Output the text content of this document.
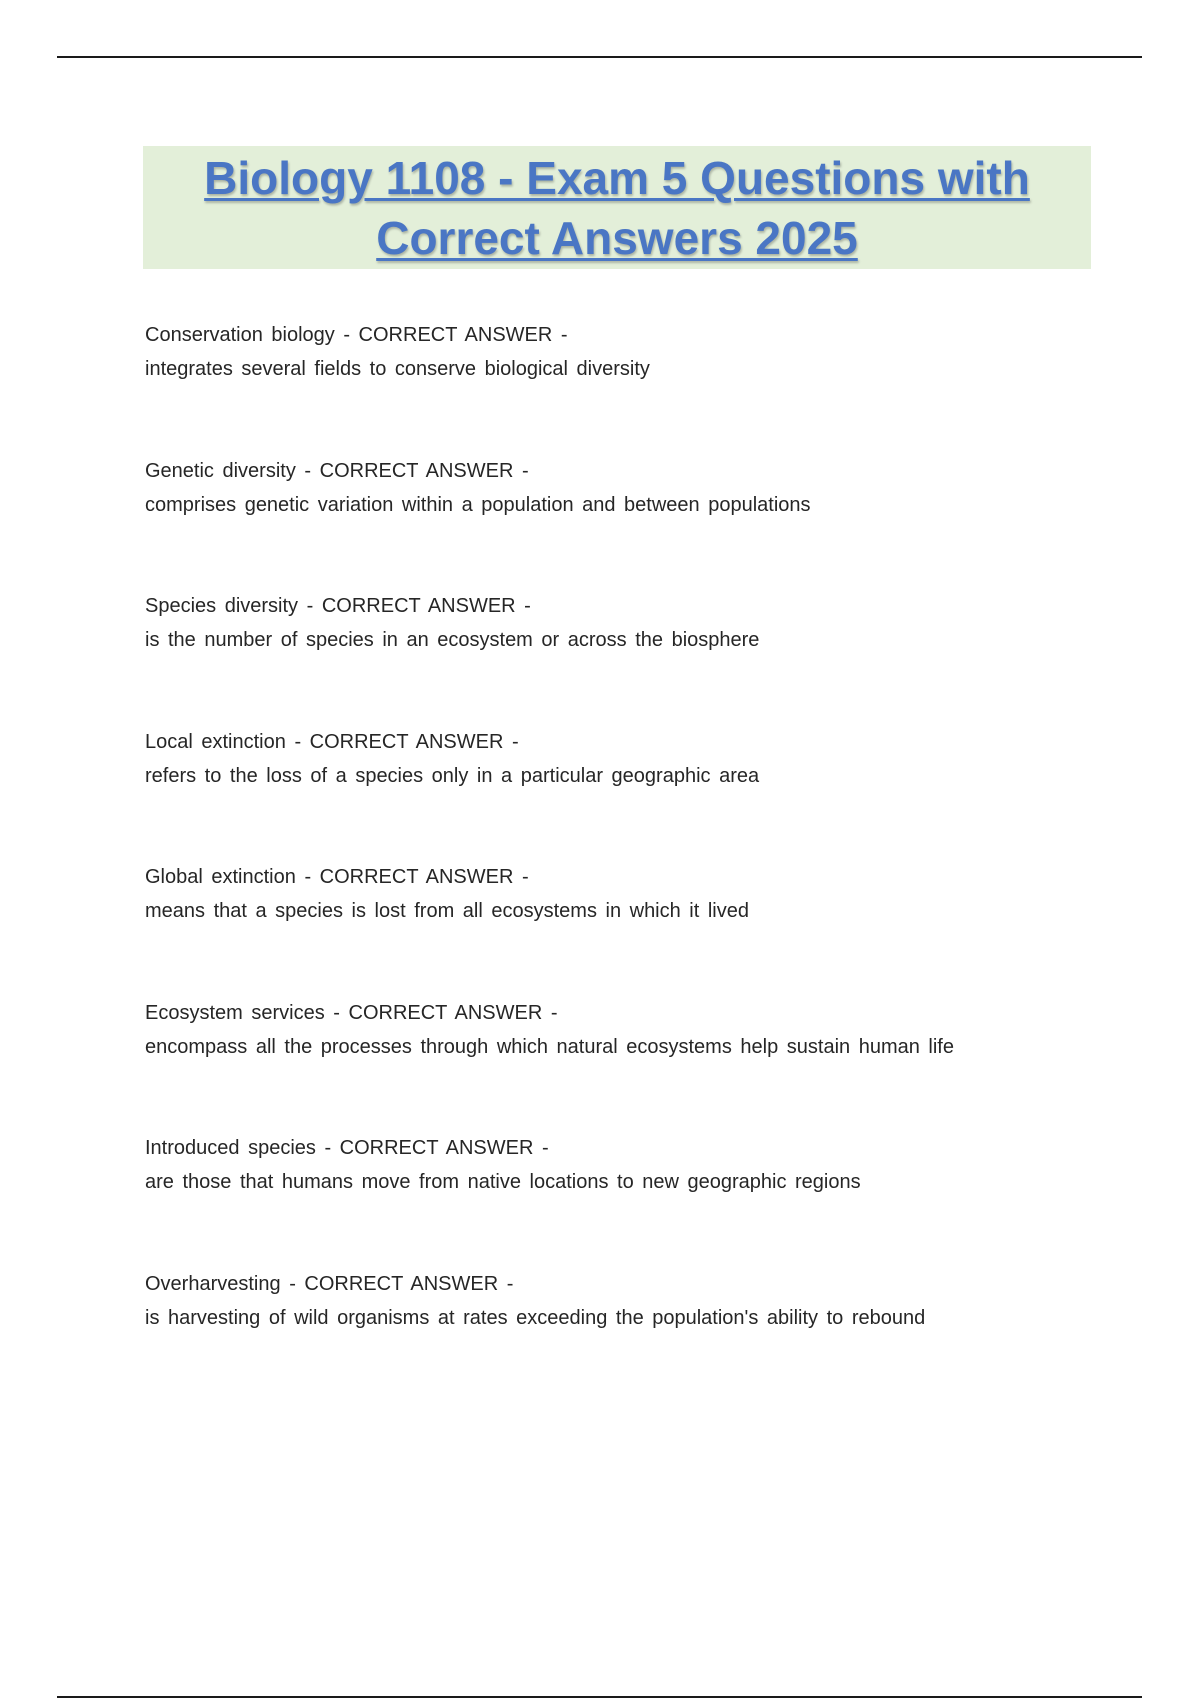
Biology 1108 - Exam 5 Questions with
Correct Answers 2025
Conservation biology - CORRECT ANSWER -
integrates several fields to conserve biological diversity
Genetic diversity - CORRECT ANSWER -
comprises genetic variation within a population and between populations
Species diversity - CORRECT ANSWER -
is the number of species in an ecosystem or across the biosphere
Local extinction - CORRECT ANSWER -
refers to the loss of a species only in a particular geographic area
Global extinction - CORRECT ANSWER -
means that a species is lost from all ecosystems in which it lived
Ecosystem services - CORRECT ANSWER -
encompass all the processes through which natural ecosystems help sustain human life
Introduced species - CORRECT ANSWER -
are those that humans move from native locations to new geographic regions
Overharvesting - CORRECT ANSWER -
is harvesting of wild organisms at rates exceeding the population's ability to rebound
